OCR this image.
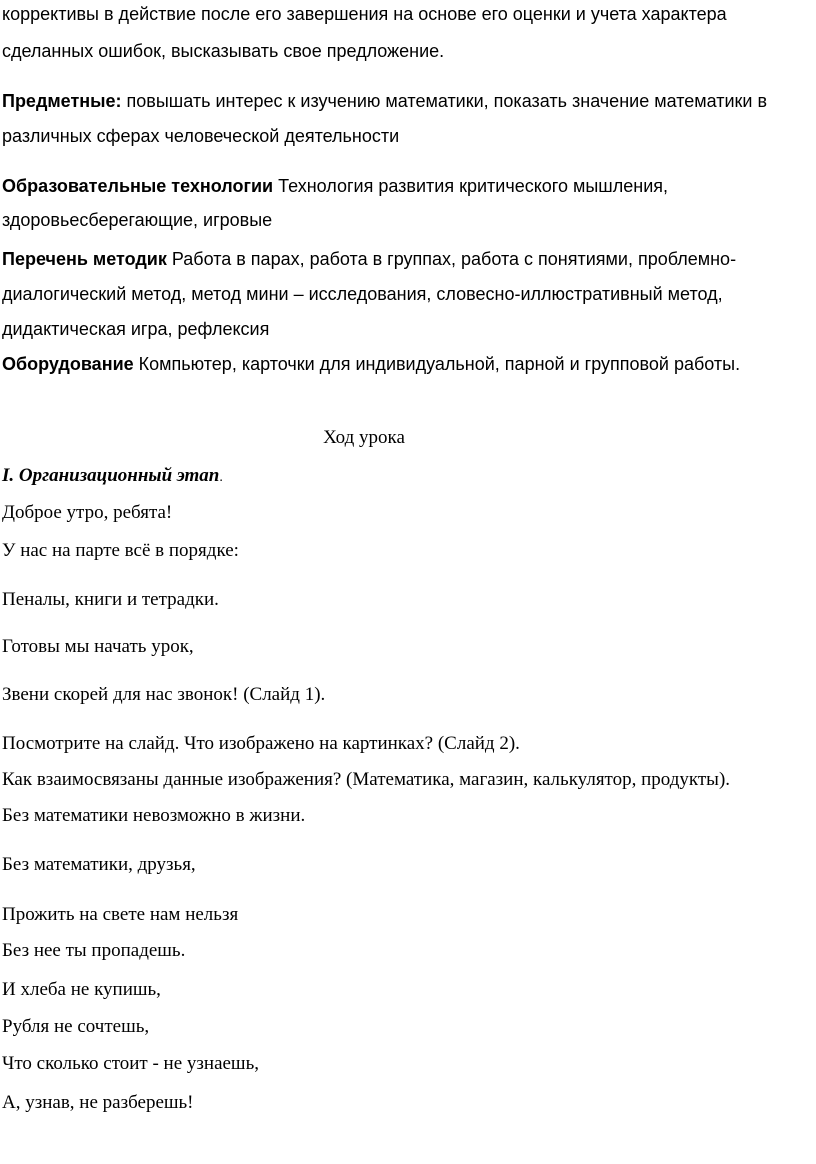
коррективы в действие после его завершения на основе его оценки и учета характера
сделанных ошибок, высказывать свое предложение.
Предметные: повышать интерес к изучению математики, показать значение математики в
различных сферах человеческой деятельности
Образовательные технологии Технология развития критического мышления,
здоровьесберегающие, игровые
Перечень методик Работа в парах, работа в группах, работа с понятиями, проблемно-
диалогический метод, метод мини – исследования, словесно-иллюстративный метод,
дидактическая игра, рефлексия
Оборудование Компьютер, карточки для индивидуальной, парной и групповой работы.
Ход урока
I. Организационный этап.
Доброе утро, ребята!
У нас на парте всё в порядке:
Пеналы, книги и тетрадки.
Готовы мы начать урок,
Звени скорей для нас звонок! (Слайд 1).
Посмотрите на слайд. Что изображено на картинках? (Слайд 2).
Как взаимосвязаны данные изображения? (Математика, магазин, калькулятор, продукты).
Без математики невозможно в жизни.
Без математики, друзья,
Прожить на свете нам нельзя
Без нее ты пропадешь.
И хлеба не купишь,
Рубля не сочтешь,
Что сколько стоит - не узнаешь,
А, узнав, не разберешь!
